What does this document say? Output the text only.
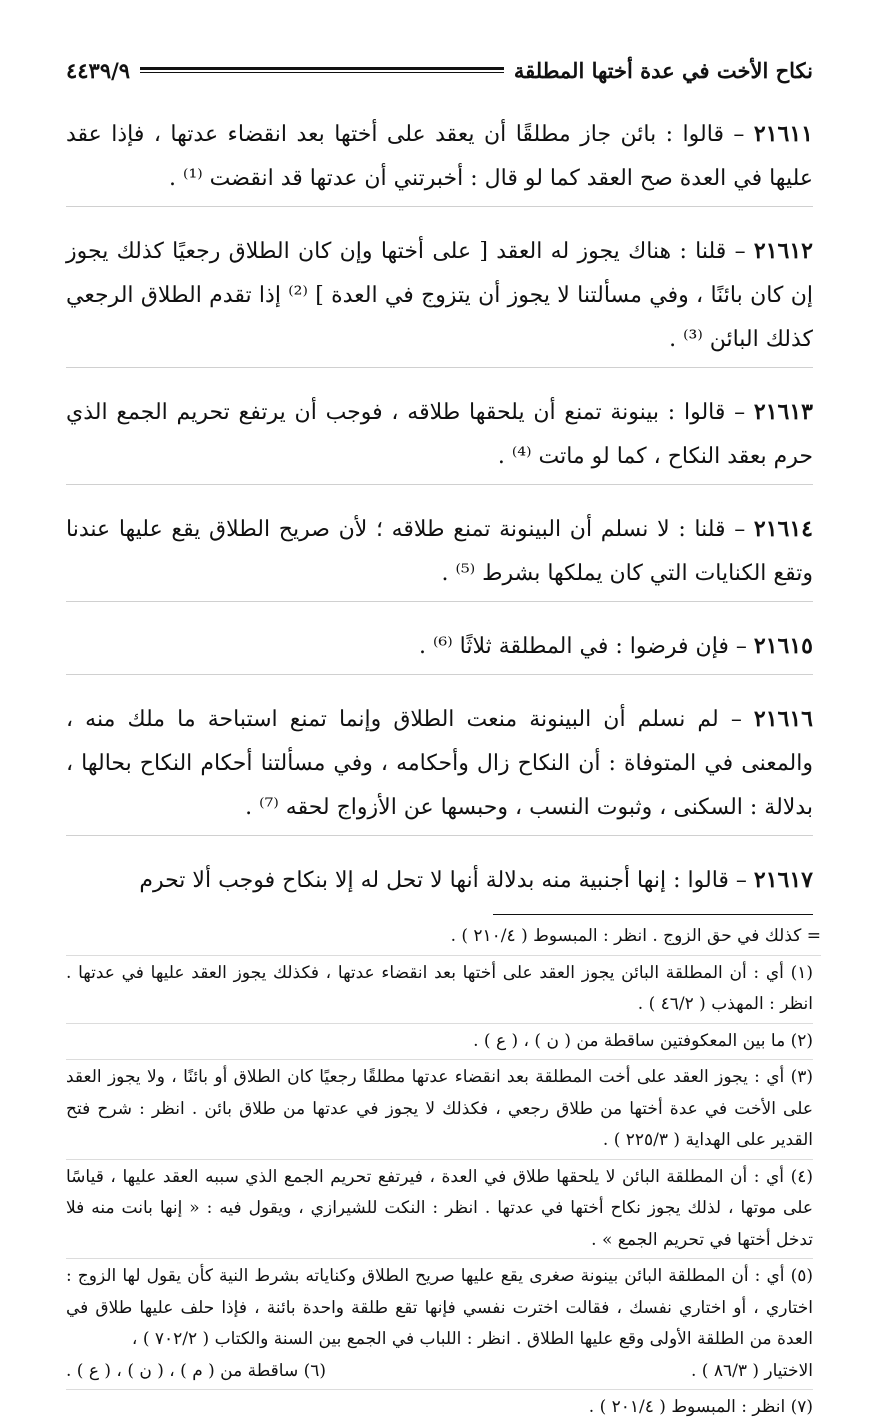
نكاح الأخت في عدة أختها المطلقة
٤٤٣٩/٩

٢١٦١١ – قالوا : بائن جاز مطلقًا أن يعقد على أختها بعد انقضاء عدتها ، فإذا عقد عليها في العدة صح العقد كما لو قال : أخبرتني أن عدتها قد انقضت ⁽¹⁾ .

٢١٦١٢ – قلنا : هناك يجوز له العقد [ على أختها وإن كان الطلاق رجعيًا كذلك يجوز إن كان بائنًا ، وفي مسألتنا لا يجوز أن يتزوج في العدة ] ⁽²⁾ إذا تقدم الطلاق الرجعي كذلك البائن ⁽³⁾ .

٢١٦١٣ – قالوا : بينونة تمنع أن يلحقها طلاقه ، فوجب أن يرتفع تحريم الجمع الذي حرم بعقد النكاح ، كما لو ماتت ⁽⁴⁾ .

٢١٦١٤ – قلنا : لا نسلم أن البينونة تمنع طلاقه ؛ لأن صريح الطلاق يقع عليها عندنا وتقع الكنايات التي كان يملكها بشرط ⁽⁵⁾ .

٢١٦١٥ – فإن فرضوا : في المطلقة ثلاثًا ⁽⁶⁾ .

٢١٦١٦ – لم نسلم أن البينونة منعت الطلاق وإنما تمنع استباحة ما ملك منه ، والمعنى في المتوفاة : أن النكاح زال وأحكامه ، وفي مسألتنا أحكام النكاح بحالها ، بدلالة : السكنى ، وثبوت النسب ، وحبسها عن الأزواج لحقه ⁽⁷⁾ .

٢١٦١٧ – قالوا : إنها أجنبية منه بدلالة أنها لا تحل له إلا بنكاح فوجب ألا تحرم

= كذلك في حق الزوج . انظر : المبسوط ( ٢١٠/٤ ) .
(١) أي : أن المطلقة البائن يجوز العقد على أختها بعد انقضاء عدتها ، فكذلك يجوز العقد عليها في عدتها . انظر : المهذب ( ٤٦/٢ ) .
(٢) ما بين المعكوفتين ساقطة من ( ن ) ، ( ع ) .
(٣) أي : يجوز العقد على أخت المطلقة بعد انقضاء عدتها مطلقًا رجعيًا كان الطلاق أو بائنًا ، ولا يجوز العقد على الأخت في عدة أختها من طلاق رجعي ، فكذلك لا يجوز في عدتها من طلاق بائن . انظر : شرح فتح القدير على الهداية ( ٢٢٥/٣ ) .
(٤) أي : أن المطلقة البائن لا يلحقها طلاق في العدة ، فيرتفع تحريم الجمع الذي سببه العقد عليها ، قياسًا على موتها ، لذلك يجوز نكاح أختها في عدتها . انظر : النكت للشيرازي ، ويقول فيه : « إنها بانت منه فلا تدخل أختها في تحريم الجمع » .
(٥) أي : أن المطلقة البائن بينونة صغرى يقع عليها صريح الطلاق وكناياته بشرط النية كأن يقول لها الزوج : اختاري ، أو اختاري نفسك ، فقالت اخترت نفسي فإنها تقع طلقة واحدة بائنة ، فإذا حلف عليها طلاق في العدة من الطلقة الأولى وقع عليها الطلاق . انظر : اللباب في الجمع بين السنة والكتاب ( ٧٠٢/٢ ) ،
الاختيار ( ٨٦/٣ ) .
(٦) ساقطة من ( م ) ، ( ن ) ، ( ع ) .
(٧) انظر : المبسوط ( ٢٠١/٤ ) .
